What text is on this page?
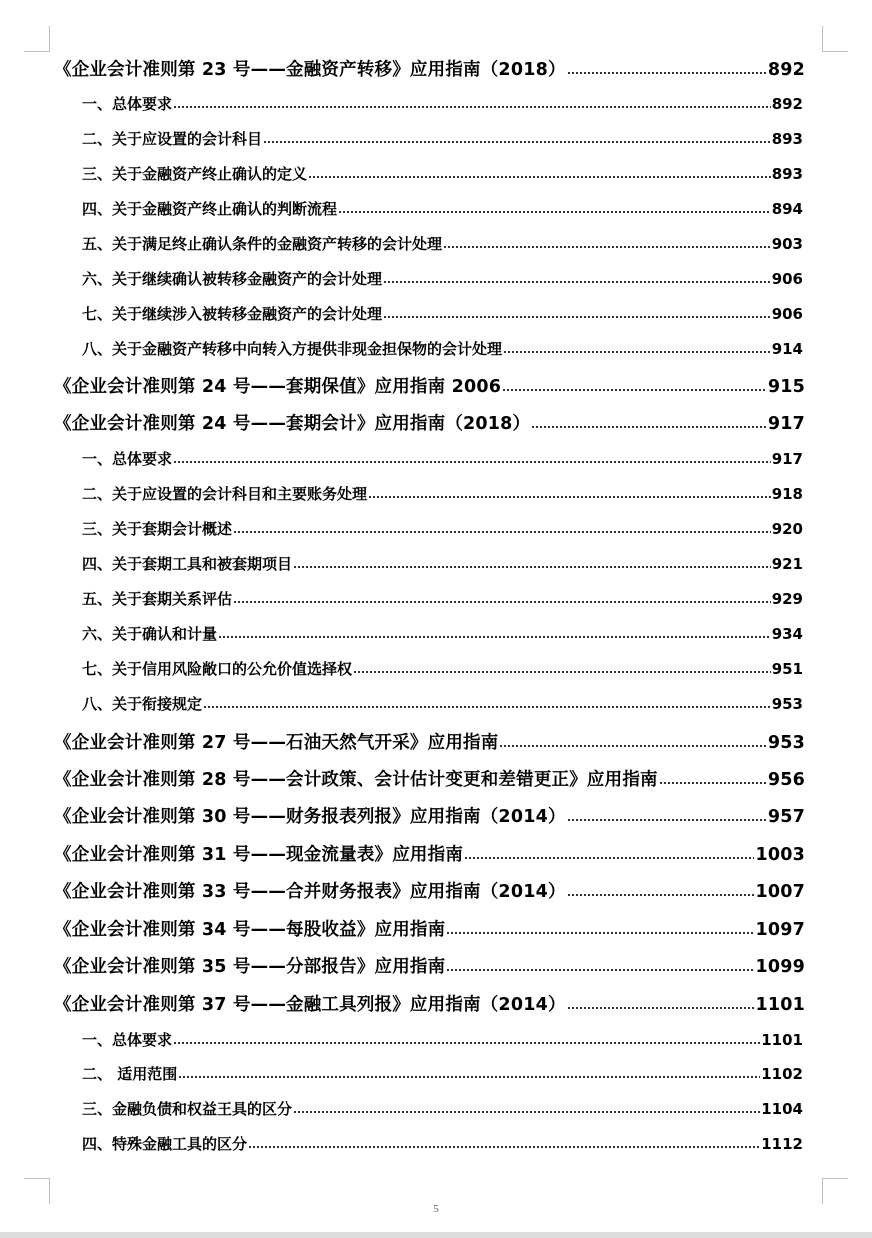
《企业会计准则第 23 号——金融资产转移》应用指南（2018）	892
一、总体要求	892
二、关于应设置的会计科目	893
三、关于金融资产终止确认的定义	893
四、关于金融资产终止确认的判断流程	894
五、关于满足终止确认条件的金融资产转移的会计处理	903
六、关于继续确认被转移金融资产的会计处理	906
七、关于继续涉入被转移金融资产的会计处理	906
八、关于金融资产转移中向转入方提供非现金担保物的会计处理	914
《企业会计准则第 24 号——套期保值》应用指南 2006	915
《企业会计准则第 24 号——套期会计》应用指南（2018）	917
一、总体要求	917
二、关于应设置的会计科目和主要账务处理	918
三、关于套期会计概述	920
四、关于套期工具和被套期项目	921
五、关于套期关系评估	929
六、关于确认和计量	934
七、关于信用风险敞口的公允价值选择权	951
八、关于衔接规定	953
《企业会计准则第 27 号——石油天然气开采》应用指南	953
《企业会计准则第 28 号——会计政策、会计估计变更和差错更正》应用指南	956
《企业会计准则第 30 号——财务报表列报》应用指南（2014）	957
《企业会计准则第 31 号——现金流量表》应用指南	1003
《企业会计准则第 33 号——合并财务报表》应用指南（2014）	1007
《企业会计准则第 34 号——每股收益》应用指南	1097
《企业会计准则第 35 号——分部报告》应用指南	1099
《企业会计准则第 37 号——金融工具列报》应用指南（2014）	1101
一、总体要求	1101
二、 适用范围	1102
三、金融负债和权益王具的区分	1104
四、特殊金融工具的区分	1112
5
